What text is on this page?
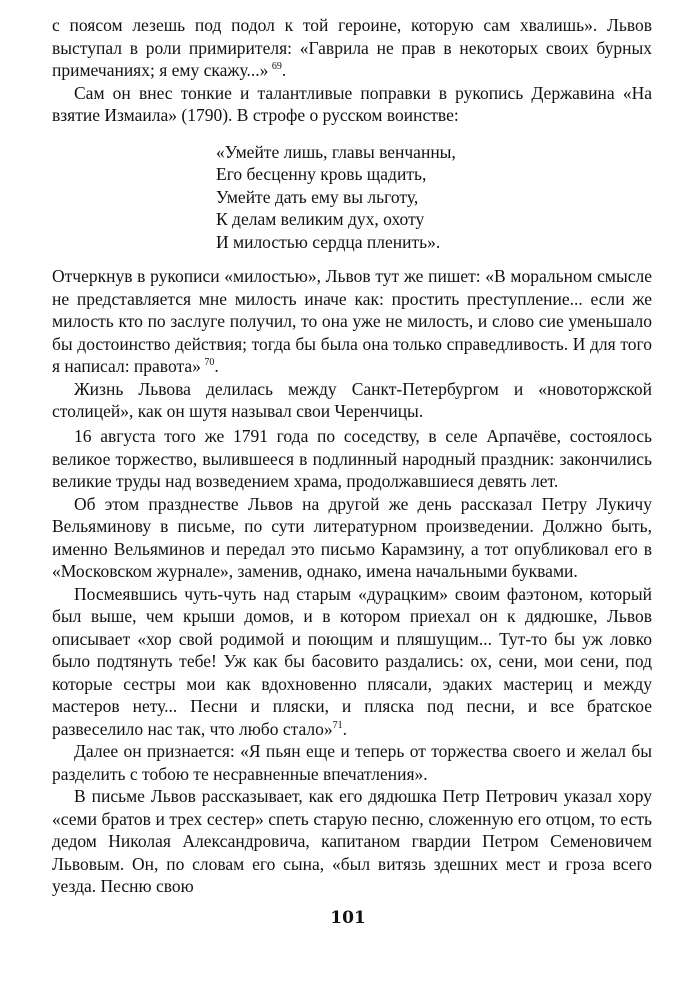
с поясом лезешь под подол к той героине, которую сам хвалишь». Львов выступал в роли примирителя: «Гаврила не прав в некоторых своих бурных примечаниях; я ему скажу...»  $^{69}$.

Сам он внес тонкие и талантливые поправки в рукопись Державина «На взятие Измаила» (1790). В строфе о русском воинстве:

«Умейте лишь, главы венчанны,
Его бесценну кровь щадить,
Умейте дать ему вы льготу,
К делам великим дух, охоту
И милостью сердца пленить».

Отчеркнув в рукописи «милостью», Львов тут же пишет: «В моральном смысле не представляется мне милость иначе как: простить преступление... если же милость кто по заслуге получил, то она уже не милость, и слово сие уменьшало бы достоинство действия; тогда бы была она только справедливость. И для того я написал: правота»  $^{70}$.

Жизнь Львова делилась между Санкт-Петербургом и «новоторжской столицей», как он шутя называл свои Черенчицы.

16 августа того же 1791 года по соседству, в селе Арпачёве, состоялось великое торжество, вылившееся в подлинный народный праздник: закончились великие труды над возведением храма, продолжавшиеся девять лет.

Об этом празднестве Львов на другой же день рассказал Петру Лукичу Вельяминову в письме, по сути литературном произведении. Должно быть, именно Вельяминов и передал это письмо Карамзину, а тот опубликовал его в «Московском журнале», заменив, однако, имена начальными буквами.

Посмеявшись чуть-чуть над старым «дурацким» своим фаэтоном, который был выше, чем крыши домов, и в котором приехал он к дядюшке, Львов описывает «хор свой родимой и поющим и пляшущим... Тут-то бы уж ловко было подтянуть тебе! Уж как бы басовито раздались: ох, сени, мои сени, под которые сестры мои как вдохновенно плясали, эдаких мастериц и между мастеров нету... Песни и пляски, и пляска под песни, и все братское развеселило нас так, что любо стало»$^{71}$.

Далее он признается: «Я пьян еще и теперь от торжества своего и желал бы разделить с тобою те несравненные впечатления».

В письме Львов рассказывает, как его дядюшка Петр Петрович указал хору «семи братов и трех сестер» спеть старую песню, сложенную его отцом, то есть дедом Николая Александровича, капитаном гвардии Петром Семеновичем Львовым. Он, по словам его сына, «был витязь здешних мест и гроза всего уезда. Песню свою

101
